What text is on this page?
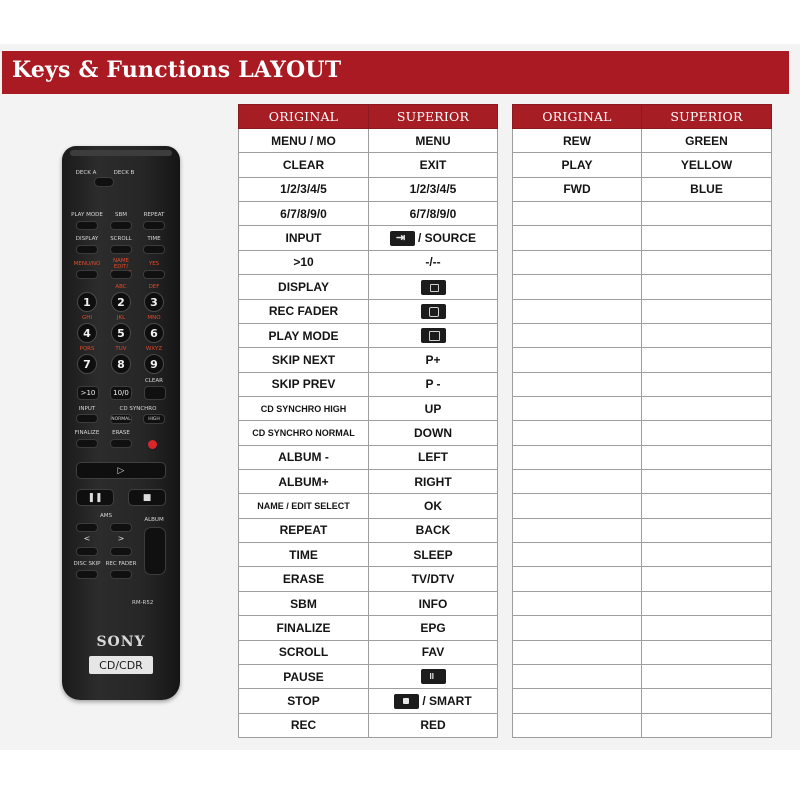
Keys & Functions LAYOUT
DECK A	DECK B
PLAY MODE SBM	REPEAT
DISPLAY SCROLL	TIME
MENU/NO	NAME EDIT/	YES
ABC	DEF
1	2	3
GHI	JKL	MNO
4	5	6
PQRS	TUV	WXYZ
7	8	9
CLEAR
>10	10/0
INPUT	CD SYNCHRO
NORMAL	HIGH
FINALIZE ERASE
▷
❚❚	■
AMS
ALBUM
<	>
DISC SKIP REC FADER
RM-R52
SONY
CD/CDR
ORIGINAL	SUPERIOR
MENU / MO	MENU
CLEAR	EXIT
1/2/3/4/5	1/2/3/4/5
6/7/8/9/0	6/7/8/9/0
INPUT	⇥/ SOURCE
>10	-/--
DISPLAY	
REC FADER	
PLAY MODE	
SKIP NEXT	P+
SKIP PREV	P -
CD SYNCHRO HIGH	UP
CD SYNCHRO NORMAL	DOWN
ALBUM -	LEFT
ALBUM+	RIGHT
NAME / EDIT SELECT	OK
REPEAT	BACK
TIME	SLEEP
ERASE	TV/DTV
SBM	INFO
FINALIZE	EPG
SCROLL	FAV
PAUSE	II
STOP	/ SMART
REC	RED
ORIGINAL	SUPERIOR
REW	GREEN
PLAY	YELLOW
FWD	BLUE
